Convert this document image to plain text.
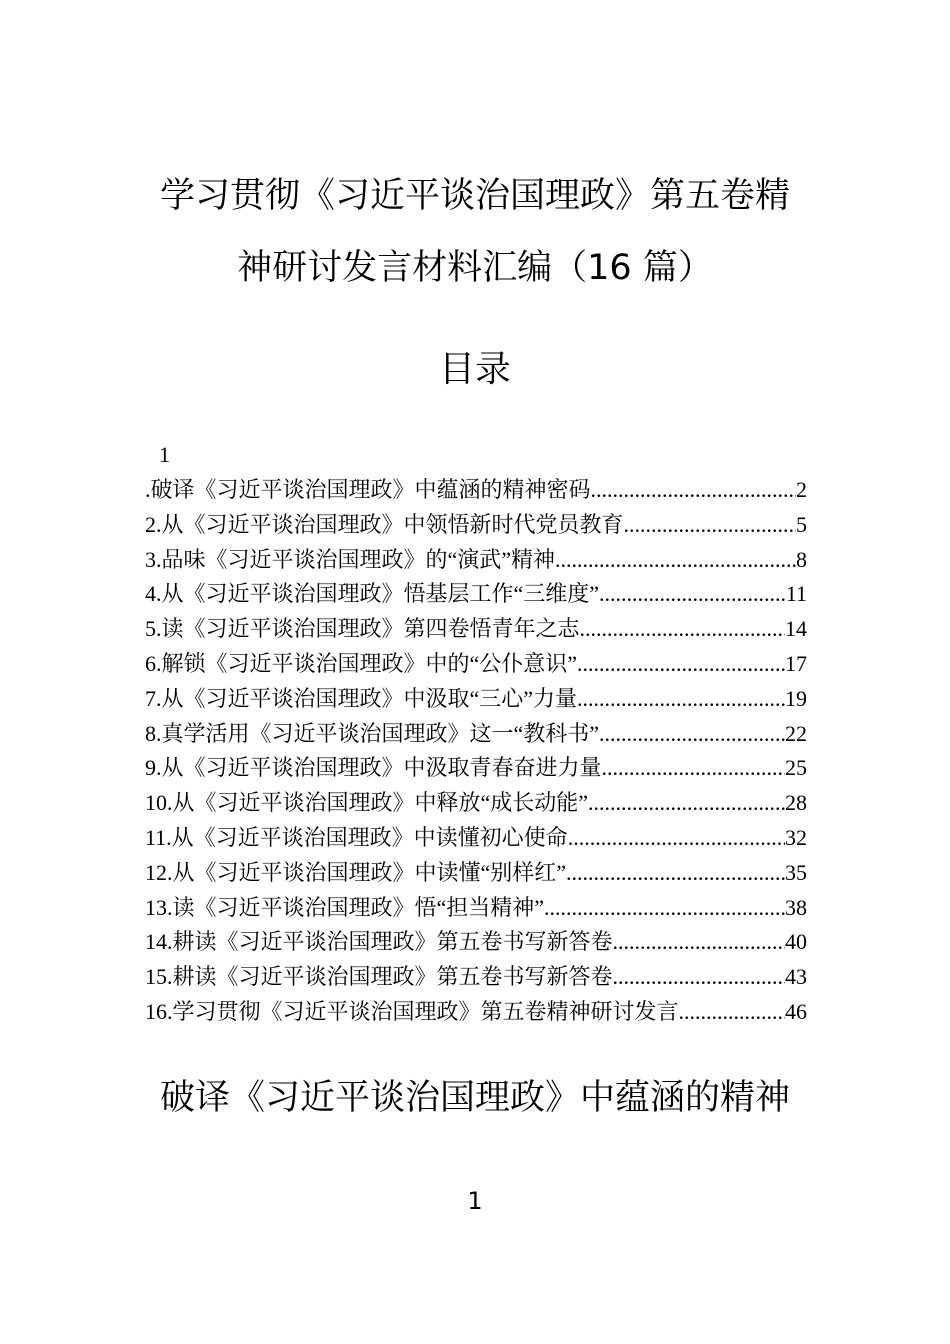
学习贯彻《习近平谈治国理政》第五卷精
神研讨发言材料汇编（16 篇）
目录
1
.破译《习近平谈治国理政》中蕴涵的精神密码 .....	2
2.从《习近平谈治国理政》中领悟新时代党员教育 .....	5
3.品味《习近平谈治国理政》的“演武”精神 .....	8
4.从《习近平谈治国理政》悟基层工作“三维度” .....	11
5.读《习近平谈治国理政》第四卷悟青年之志 .....	14
6.解锁《习近平谈治国理政》中的“公仆意识” .....	17
7.从《习近平谈治国理政》中汲取“三心”力量 .....	19
8.真学活用《习近平谈治国理政》这一“教科书” .....	22
9.从《习近平谈治国理政》中汲取青春奋进力量 .....	25
10.从《习近平谈治国理政》中释放“成长动能” .....	28
11.从《习近平谈治国理政》中读懂初心使命 .....	32
12.从《习近平谈治国理政》中读懂“别样红” .....	35
13.读《习近平谈治国理政》悟“担当精神” .....	38
14.耕读《习近平谈治国理政》第五卷书写新答卷 .....	40
15.耕读《习近平谈治国理政》第五卷书写新答卷 .....	43
16.学习贯彻《习近平谈治国理政》第五卷精神研讨发言 .....	46
破译《习近平谈治国理政》中蕴涵的精神
1
